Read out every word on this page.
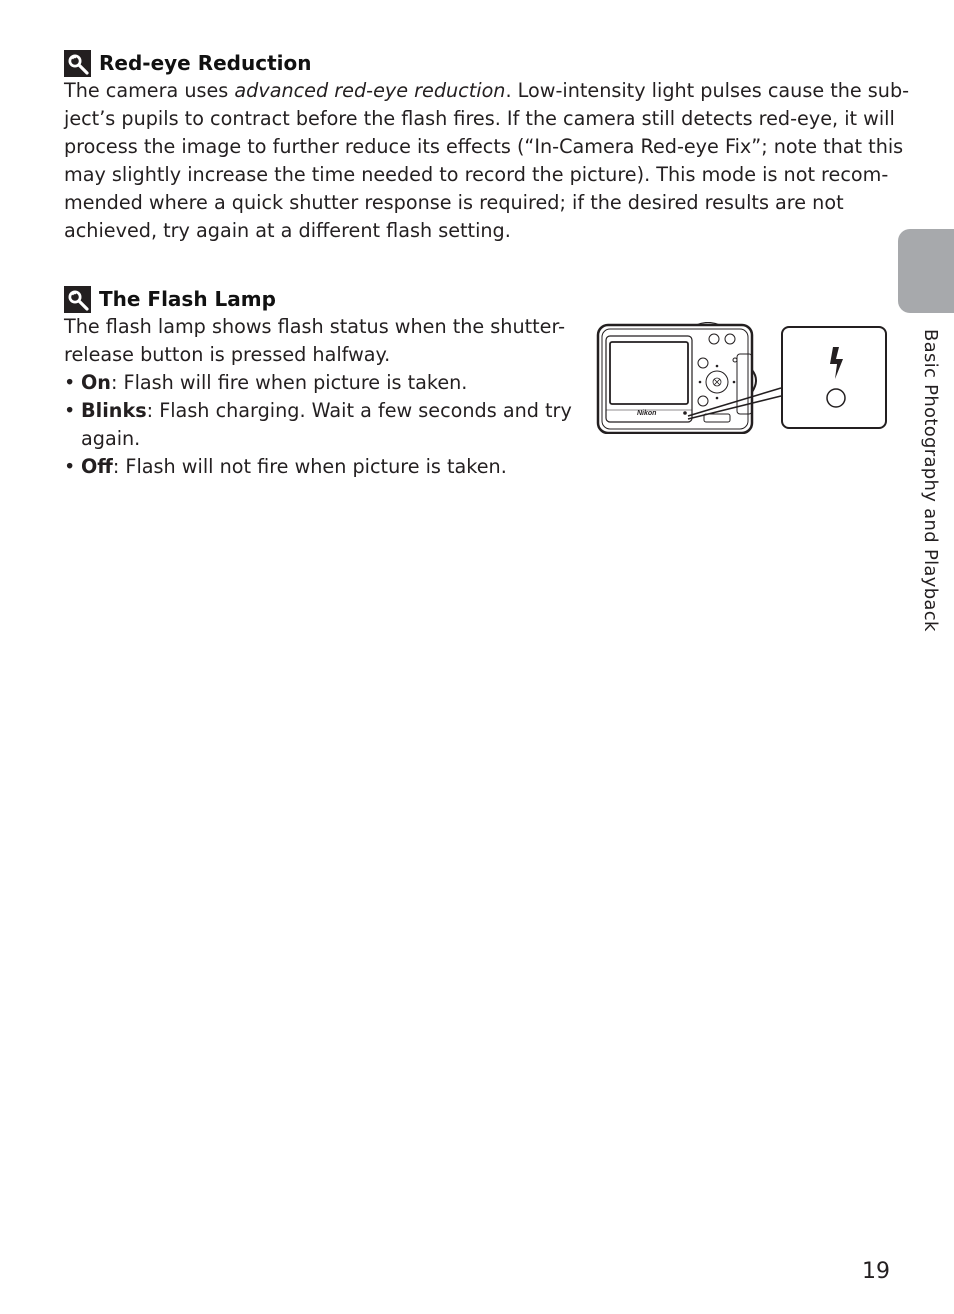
Red-eye Reduction
The camera uses advanced red-eye reduction. Low-intensity light pulses cause the sub-
ject’s pupils to contract before the flash fires. If the camera still detects red-eye, it will
process the image to further reduce its effects (“In-Camera Red-eye Fix”; note that this
may slightly increase the time needed to record the picture). This mode is not recom-
mended where a quick shutter response is required; if the desired results are not
achieved, try again at a different flash setting.
The Flash Lamp
The flash lamp shows flash status when the shutter-
release button is pressed halfway.
• On: Flash will fire when picture is taken.
• Blinks: Flash charging. Wait a few seconds and try
again.
• Off: Flash will not fire when picture is taken.
Nikon	Basic Photography and Playback
19
